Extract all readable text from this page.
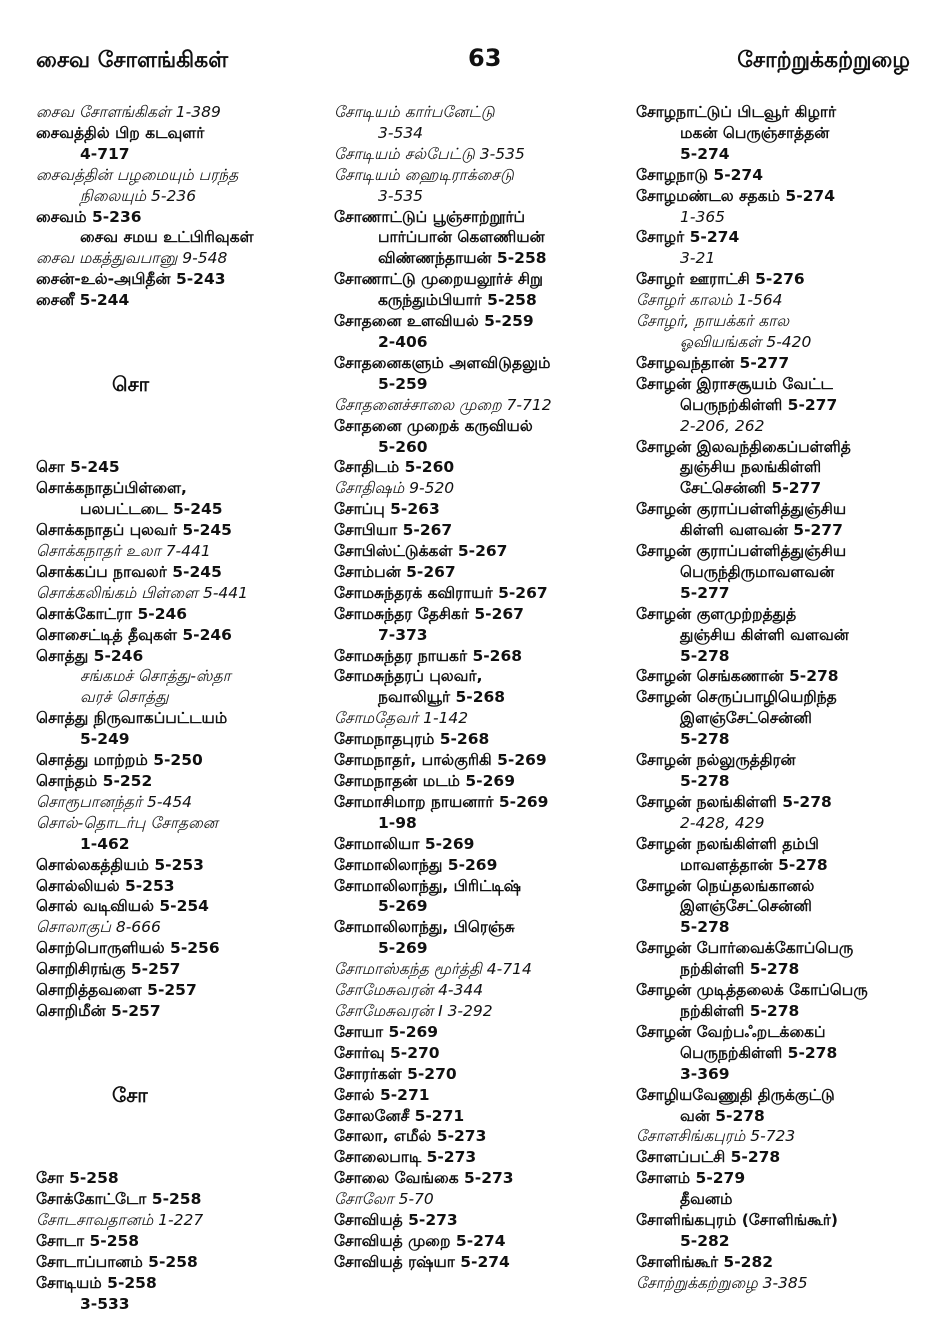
சைவ சோளங்கிகள்	63	சோற்றுக்கற்றுழை
சைவ சோளங்கிகள் 1-389
சைவத்தில் பிற கடவுளர்
4-717
சைவத்தின் பழமையும் பரந்த
நிலையும் 5-236
சைவம் 5-236
சைவ சமய உட்பிரிவுகள்
சைவ மகத்துவபானு 9-548
சைன்-உல்-அபிதீன் 5-243
சைனீ 5-244

சொ

சொ 5-245
சொக்கநாதப்பிள்ளை,
பலபட்டடை 5-245
சொக்கநாதப் புலவர் 5-245
சொக்கநாதர் உலா 7-441
சொக்கப்ப நாவலர் 5-245
சொக்கலிங்கம் பிள்ளை 5-441
சொக்கோட்ரா 5-246
சொசைட்டித் தீவுகள் 5-246
சொத்து 5-246
சங்கமச் சொத்து-ஸ்தா
வரச் சொத்து
சொத்து நிருவாகப்பட்டயம்
5-249
சொத்து மாற்றம் 5-250
சொந்தம் 5-252
சொரூபானந்தர் 5-454
சொல்-தொடர்பு சோதனை
1-462
சொல்லகத்தியம் 5-253
சொல்லியல் 5-253
சொல் வடிவியல் 5-254
சொலாகுப் 8-666
சொற்பொருளியல் 5-256
சொறிசிரங்கு 5-257
சொறித்தவளை 5-257
சொறிமீன் 5-257

சோ

சோ 5-258
சோக்கோட்டோ 5-258
சோடசாவதானம் 1-227
சோடா 5-258
சோடாப்பானம் 5-258
சோடியம் 5-258
3-533
சோடியம் கார்பனேட்டு
3-534
சோடியம் சல்பேட்டு 3-535
சோடியம் ஹைடிராக்சைடு
3-535
சோணாட்டுப் பூஞ்சாற்றூர்ப்
பார்ப்பான் கௌணியன்
விண்ணந்தாயன் 5-258
சோணாட்டு முறையலூர்ச் சிறு
கருந்தும்பியார் 5-258
சோதனை உளவியல் 5-259
2-406
சோதனைகளும் அளவிடுதலும்
5-259
சோதனைச்சாலை முறை 7-712
சோதனை முறைக் கருவியல்
5-260
சோதிடம் 5-260
சோதிஷம் 9-520
சோப்பு 5-263
சோபியா 5-267
சோபிஸ்ட்டுக்கள் 5-267
சோம்பன் 5-267
சோமசுந்தரக் கவிராயர் 5-267
சோமசுந்தர தேசிகர் 5-267
7-373
சோமசுந்தர நாயகர் 5-268
சோமசுந்தரப் புலவர்,
நவாலியூர் 5-268
சோமதேவர் 1-142
சோமநாதபுரம் 5-268
சோமநாதர், பால்குரிகி 5-269
சோமநாதன் மடம் 5-269
சோமாசிமாற நாயனார் 5-269
1-98
சோமாலியா 5-269
சோமாலிலாந்து 5-269
சோமாலிலாந்து, பிரிட்டிஷ்
5-269
சோமாலிலாந்து, பிரெஞ்சு
5-269
சோமாஸ்கந்த மூர்த்தி 4-714
சோமேசுவரன் 4-344
சோமேசுவரன் I 3-292
சோயா 5-269
சோர்வு 5-270
சோரர்கள் 5-270
சோல் 5-271
சோலனேசீ 5-271
சோலா, எமீல் 5-273
சோலைபாடி 5-273
சோலை வேங்கை 5-273
சோலோ 5-70
சோவியத் 5-273
சோவியத் முறை 5-274
சோவியத் ரஷ்யா 5-274
சோழநாட்டுப் பிடவூர் கிழார்
மகன் பெருஞ்சாத்தன்
5-274
சோழநாடு 5-274
சோழமண்டல சதகம் 5-274
1-365
சோழர் 5-274
3-21
சோழர் ஊராட்சி 5-276
சோழர் காலம் 1-564
சோழர், நாயக்கர் கால
ஓவியங்கள் 5-420
சோழவந்தான் 5-277
சோழன் இராசசூயம் வேட்ட
பெருநற்கிள்ளி 5-277
2-206, 262
சோழன் இலவந்திகைப்பள்ளித்
துஞ்சிய நலங்கிள்ளி
சேட்சென்னி 5-277
சோழன் குராப்பள்ளித்துஞ்சிய
கிள்ளி வளவன் 5-277
சோழன் குராப்பள்ளித்துஞ்சிய
பெருந்திருமாவளவன்
5-277
சோழன் குளமுற்றத்துத்
துஞ்சிய கிள்ளி வளவன்
5-278
சோழன் செங்கணான் 5-278
சோழன் செருப்பாழியெறிந்த
இளஞ்சேட்சென்னி
5-278
சோழன் நல்லுருத்திரன்
5-278
சோழன் நலங்கிள்ளி 5-278
2-428, 429
சோழன் நலங்கிள்ளி தம்பி
மாவளத்தான் 5-278
சோழன் நெய்தலங்கானல்
இளஞ்சேட்சென்னி
5-278
சோழன் போர்வைக்கோப்பெரு
நற்கிள்ளி 5-278
சோழன் முடித்தலைக் கோப்பெரு
நற்கிள்ளி 5-278
சோழன் வேற்பஃறடக்கைப்
பெருநற்கிள்ளி 5-278
3-369
சோழியவேணுதி திருக்குட்டு
வன் 5-278
சோளசிங்கபுரம் 5-723
சோளப்பட்சி 5-278
சோளம் 5-279
தீவனம்
சோளிங்கபுரம் (சோளிங்கூர்)
5-282
சோளிங்கூர் 5-282
சோற்றுக்கற்றுழை 3-385
